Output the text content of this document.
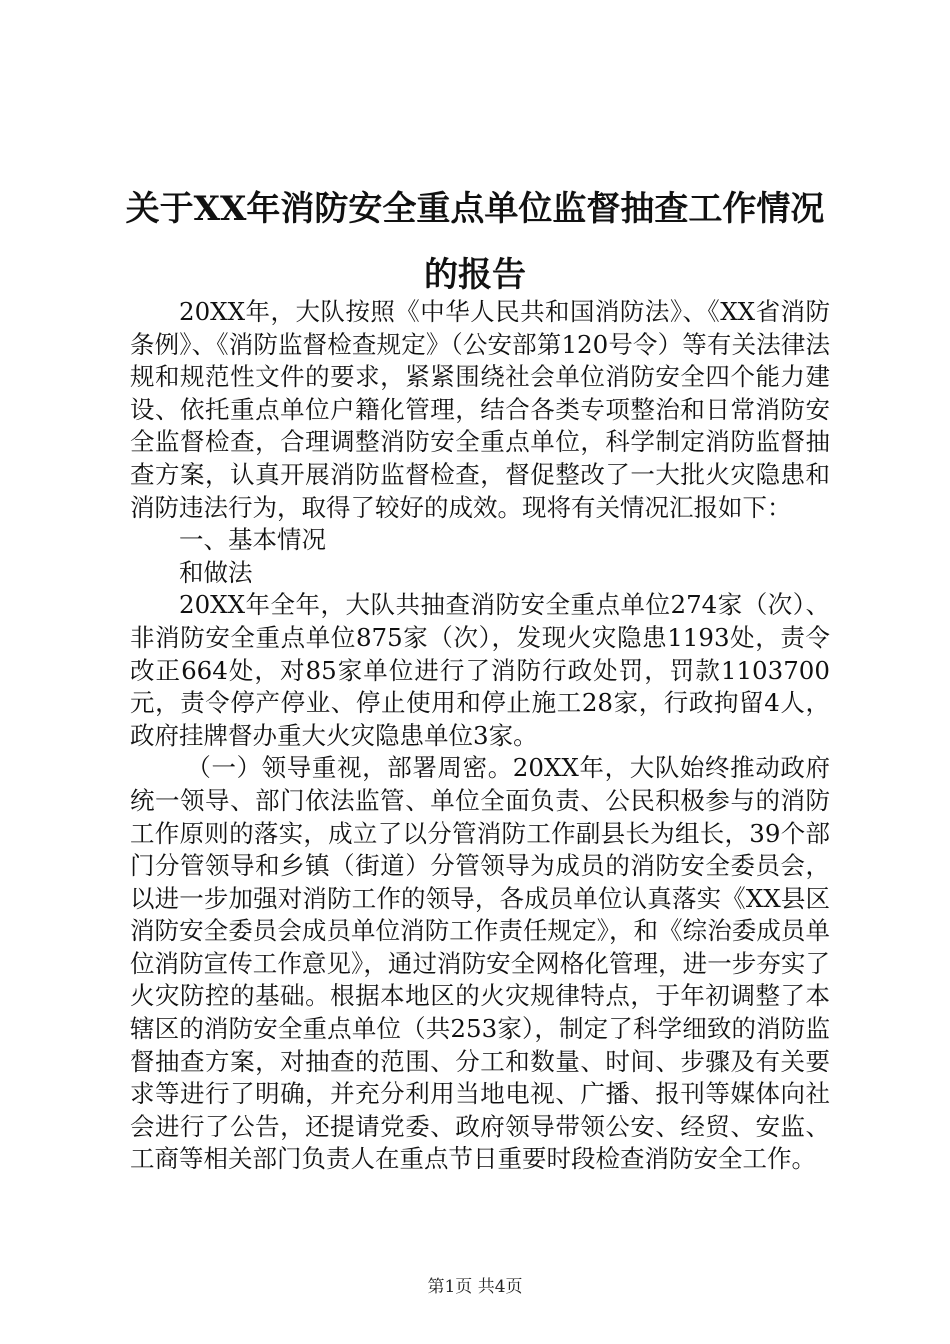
关于XX年消防安全重点单位监督抽查工作情况的报告

20XX年，大队按照《中华人民共和国消防法》、《XX省消防条例》、《消防监督检查规定》（公安部第120号令）等有关法律法规和规范性文件的要求，紧紧围绕社会单位消防安全四个能力建设、依托重点单位户籍化管理，结合各类专项整治和日常消防安全监督检查，合理调整消防安全重点单位，科学制定消防监督抽查方案，认真开展消防监督检查，督促整改了一大批火灾隐患和消防违法行为，取得了较好的成效。现将有关情况汇报如下：

一、基本情况

和做法

20XX年全年，大队共抽查消防安全重点单位274家（次）、非消防安全重点单位875家（次），发现火灾隐患1193处，责令改正664处，对85家单位进行了消防行政处罚，罚款1103700元，责令停产停业、停止使用和停止施工28家，行政拘留4人，政府挂牌督办重大火灾隐患单位3家。

（一）领导重视，部署周密。20XX年，大队始终推动政府统一领导、部门依法监管、单位全面负责、公民积极参与的消防工作原则的落实，成立了以分管消防工作副县长为组长，39个部门分管领导和乡镇（街道）分管领导为成员的消防安全委员会，以进一步加强对消防工作的领导，各成员单位认真落实《XX县区消防安全委员会成员单位消防工作责任规定》，和《综治委成员单位消防宣传工作意见》，通过消防安全网格化管理，进一步夯实了火灾防控的基础。根据本地区的火灾规律特点，于年初调整了本辖区的消防安全重点单位（共253家），制定了科学细致的消防监督抽查方案，对抽查的范围、分工和数量、时间、步骤及有关要求等进行了明确，并充分利用当地电视、广播、报刊等媒体向社会进行了公告，还提请党委、政府领导带领公安、经贸、安监、工商等相关部门负责人在重点节日重要时段检查消防安全工作。

第1页 共4页
